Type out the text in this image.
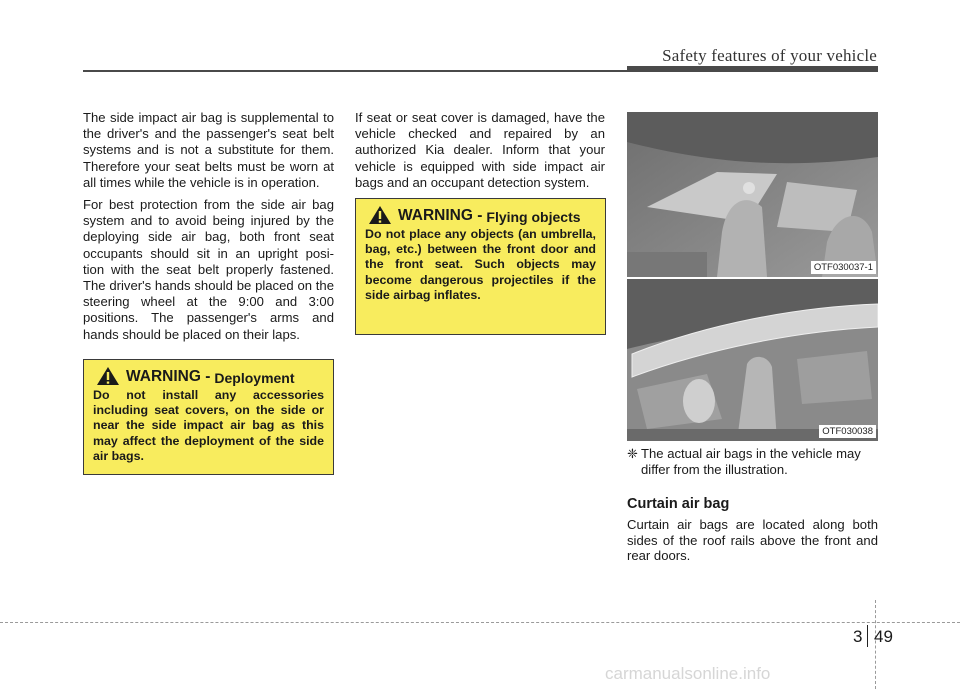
Safety features of your vehicle

The side impact air bag is supplemental to the driver's and the passenger's seat belt systems and is not a substitute for them. Therefore your seat belts must be worn at all times while the vehicle is in operation.

For best protection from the side air bag system and to avoid being injured by the deploying side air bag, both front seat occupants should sit in an upright posi- tion with the seat belt properly fastened. The driver's hands should be placed on the steering wheel at the 9:00 and 3:00 positions. The passenger's arms and hands should be placed on their laps.

WARNING - Deployment
Do not install any accessories including seat covers, on the side or near the side impact air bag as this may affect the deployment of the side air bags.

If seat or seat cover is damaged, have the vehicle checked and repaired by an authorized Kia dealer. Inform that your vehicle is equipped with side impact air bags and an occupant detection system.

WARNING - Flying objects
Do not place any objects (an umbrella, bag, etc.) between the front door and the front seat. Such objects may become dangerous projectiles if the side airbag inflates.
OTF030037-1
OTF030038
❈ The actual air bags in the vehicle may differ from the illustration.
Curtain air bag
Curtain air bags are located along both sides of the roof rails above the front and rear doors.
3 49
carmanualsonline.info
